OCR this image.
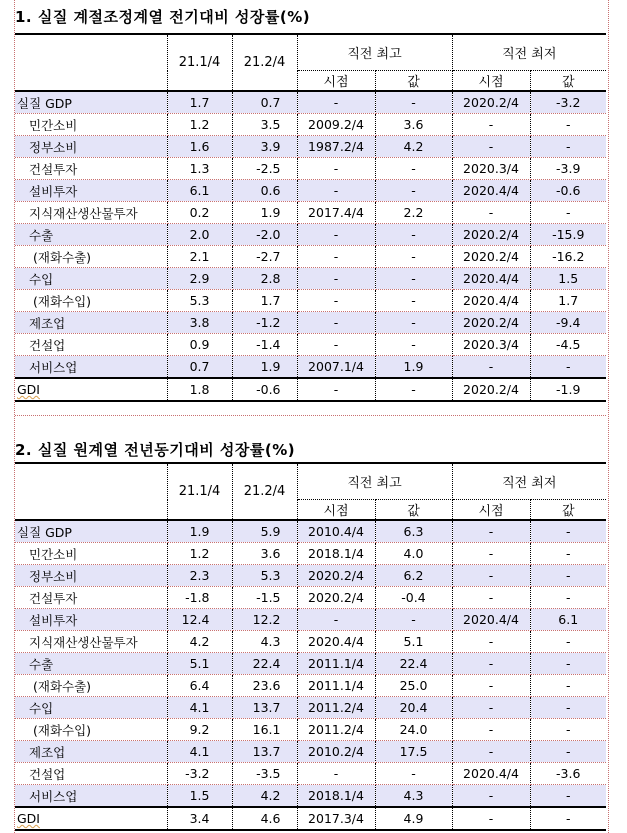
1. 실질 계절조정계열 전기대비 성장률(%)
	21.1/4	21.2/4	직전 최고		직전 최저	
			시점	값	시점	값
실질 GDP	1.7	0.7	-	-	2020.2/4	-3.2
민간소비	1.2	3.5	2009.2/4	3.6	-	-
정부소비	1.6	3.9	1987.2/4	4.2	-	-
건설투자	1.3	-2.5	-	-	2020.3/4	-3.9
설비투자	6.1	0.6	-	-	2020.4/4	-0.6
지식재산생산물투자	0.2	1.9	2017.4/4	2.2	-	-
수출	2.0	-2.0	-	-	2020.2/4	-15.9
(재화수출)	2.1	-2.7	-	-	2020.2/4	-16.2
수입	2.9	2.8	-	-	2020.4/4	1.5
(재화수입)	5.3	1.7	-	-	2020.4/4	1.7
제조업	3.8	-1.2	-	-	2020.2/4	-9.4
건설업	0.9	-1.4	-	-	2020.3/4	-4.5
서비스업	0.7	1.9	2007.1/4	1.9	-	-
GDI	1.8	-0.6	-	-	2020.2/4	-1.9
2. 실질 원계열 전년동기대비 성장률(%)
	21.1/4	21.2/4	직전 최고		직전 최저	
			시점	값	시점	값
실질 GDP	1.9	5.9	2010.4/4	6.3	-	-
민간소비	1.2	3.6	2018.1/4	4.0	-	-
정부소비	2.3	5.3	2020.2/4	6.2	-	-
건설투자	-1.8	-1.5	2020.2/4	-0.4	-	-
설비투자	12.4	12.2	-	-	2020.4/4	6.1
지식재산생산물투자	4.2	4.3	2020.4/4	5.1	-	-
수출	5.1	22.4	2011.1/4	22.4	-	-
(재화수출)	6.4	23.6	2011.1/4	25.0	-	-
수입	4.1	13.7	2011.2/4	20.4	-	-
(재화수입)	9.2	16.1	2011.2/4	24.0	-	-
제조업	4.1	13.7	2010.2/4	17.5	-	-
건설업	-3.2	-3.5	-	-	2020.4/4	-3.6
서비스업	1.5	4.2	2018.1/4	4.3	-	-
GDI	3.4	4.6	2017.3/4	4.9	-	-
